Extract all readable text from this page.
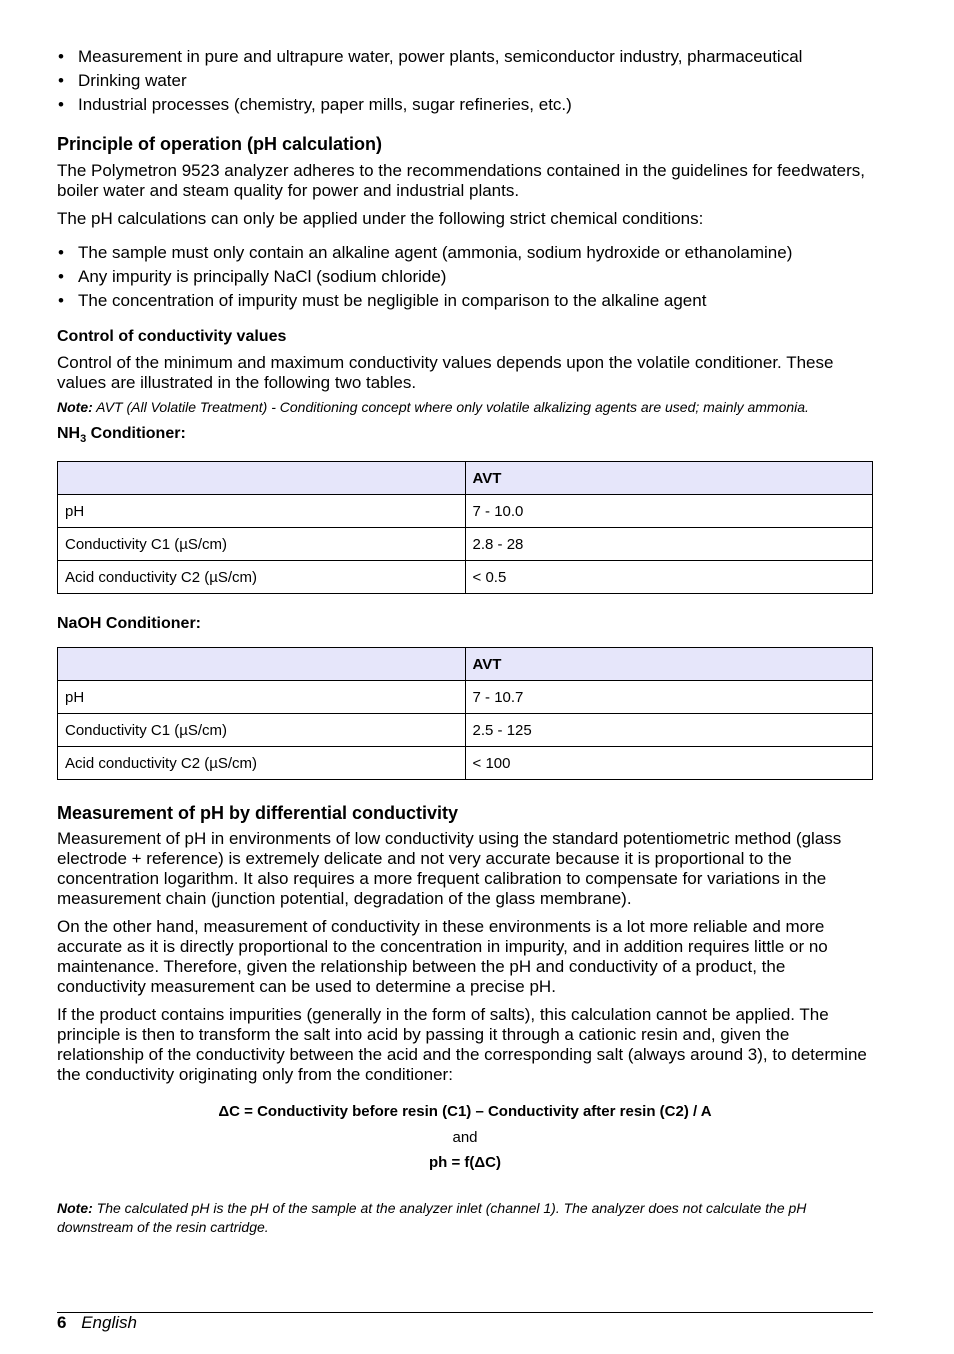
• Measurement in pure and ultrapure water, power plants, semiconductor industry, pharmaceutical
• Drinking water
• Industrial processes (chemistry, paper mills, sugar refineries, etc.)
Principle of operation (pH calculation)

The Polymetron 9523 analyzer adheres to the recommendations contained in the guidelines for feedwaters, boiler water and steam quality for power and industrial plants.

The pH calculations can only be applied under the following strict chemical conditions:

• The sample must only contain an alkaline agent (ammonia, sodium hydroxide or ethanolamine)
• Any impurity is principally NaCl (sodium chloride)
• The concentration of impurity must be negligible in comparison to the alkaline agent
Control of conductivity values

Control of the minimum and maximum conductivity values depends upon the volatile conditioner. These values are illustrated in the following two tables.

Note: AVT (All Volatile Treatment) - Conditioning concept where only volatile alkalizing agents are used; mainly ammonia.
$NH_3$ Conditioner:
	AVT
pH	7 - 10.0
Conductivity C1 (µS/cm)	2.8 - 28
Acid conductivity C2 (µS/cm)	< 0.5
NaOH Conditioner:
	AVT
pH	7 - 10.7
Conductivity C1 (µS/cm)	2.5 - 125
Acid conductivity C2 (µS/cm)	< 100
Measurement of pH by differential conductivity

Measurement of pH in environments of low conductivity using the standard potentiometric method (glass electrode + reference) is extremely delicate and not very accurate because it is proportional to the concentration logarithm. It also requires a more frequent calibration to compensate for variations in the measurement chain (junction potential, degradation of the glass membrane).

On the other hand, measurement of conductivity in these environments is a lot more reliable and more accurate as it is directly proportional to the concentration in impurity, and in addition requires little or no maintenance. Therefore, given the relationship between the pH and conductivity of a product, the conductivity measurement can be used to determine a precise pH.

If the product contains impurities (generally in the form of salts), this calculation cannot be applied. The principle is then to transform the salt into acid by passing it through a cationic resin and, given the relationship of the conductivity between the acid and the corresponding salt (always around 3), to determine the conductivity originating only from the conditioner:

ΔC = Conductivity before resin (C1) – Conductivity after resin (C2) / A
and
ph = f(ΔC)
Note: The calculated pH is the pH of the sample at the analyzer inlet (channel 1). The analyzer does not calculate the pH downstream of the resin cartridge.
6 English
